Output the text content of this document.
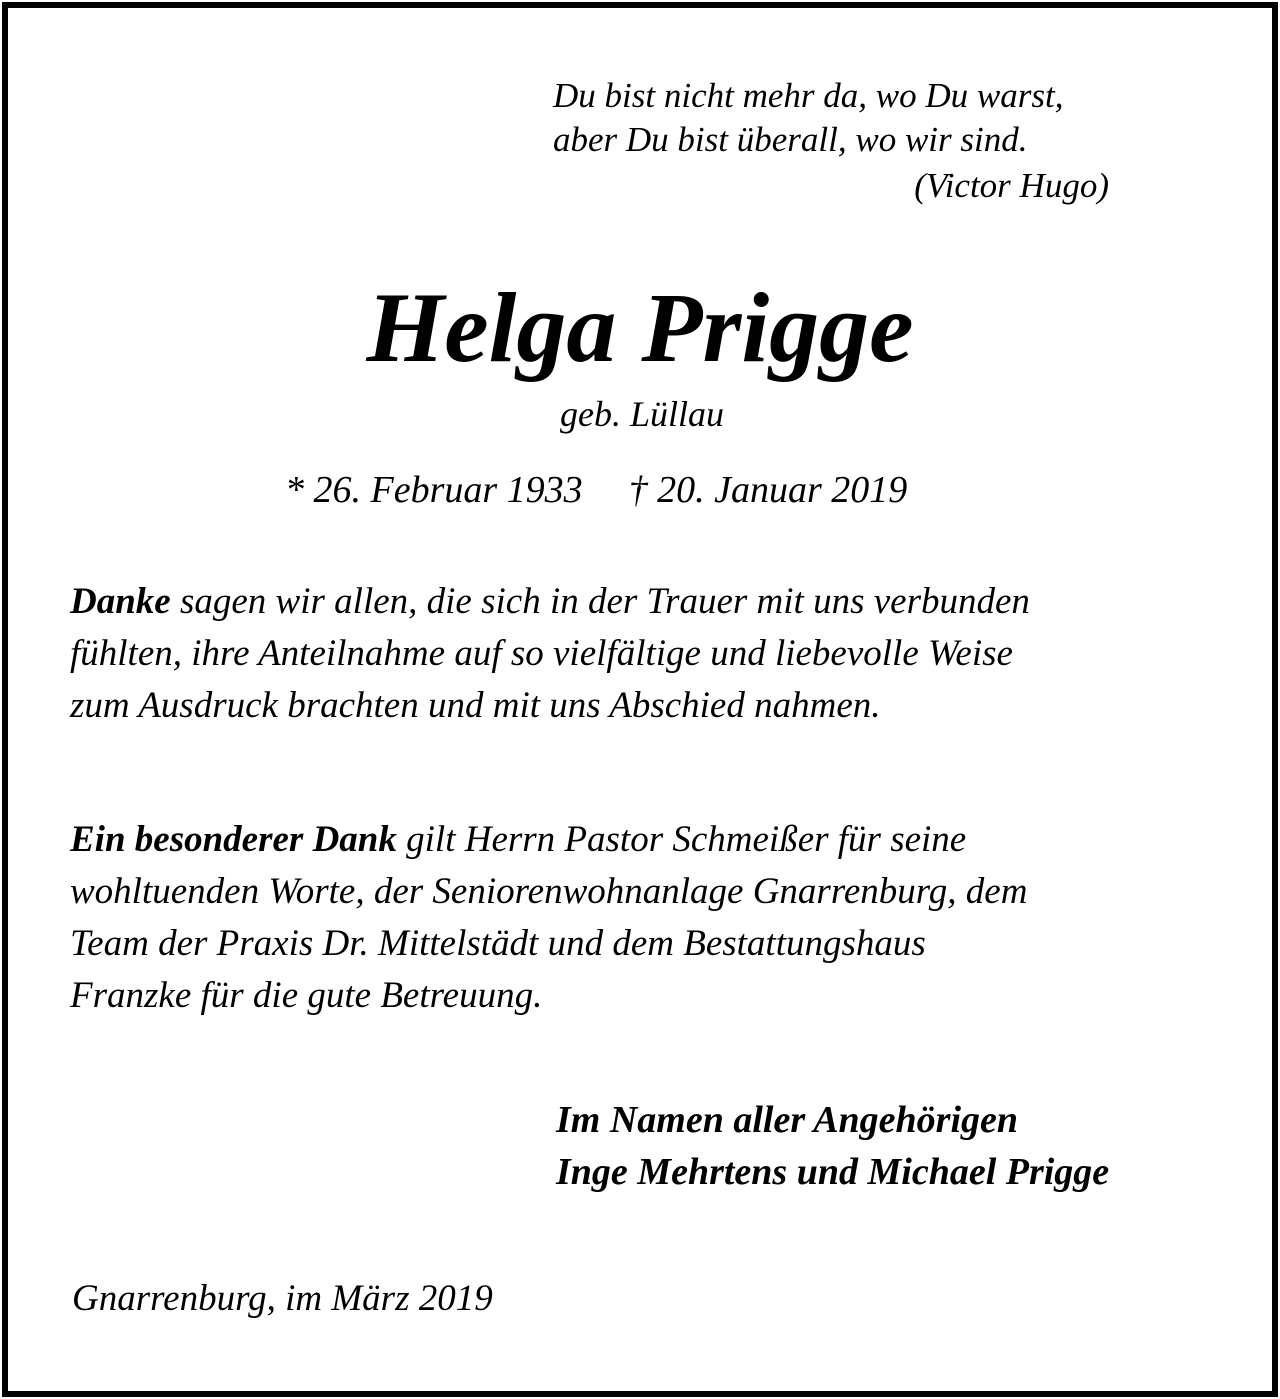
Du bist nicht mehr da, wo Du warst,
aber Du bist überall, wo wir sind.
(Victor Hugo)
Helga Prigge
geb. Lüllau
* 26. Februar 1933 † 20. Januar 2019
Danke sagen wir allen, die sich in der Trauer mit uns verbunden
fühlten, ihre Anteilnahme auf so vielfältige und liebevolle Weise
zum Ausdruck brachten und mit uns Abschied nahmen.
Ein besonderer Dank gilt Herrn Pastor Schmeißer für seine
wohltuenden Worte, der Seniorenwohnanlage Gnarrenburg, dem
Team der Praxis Dr. Mittelstädt und dem Bestattungshaus
Franzke für die gute Betreuung.
Im Namen aller Angehörigen
Inge Mehrtens und Michael Prigge
Gnarrenburg, im März 2019
